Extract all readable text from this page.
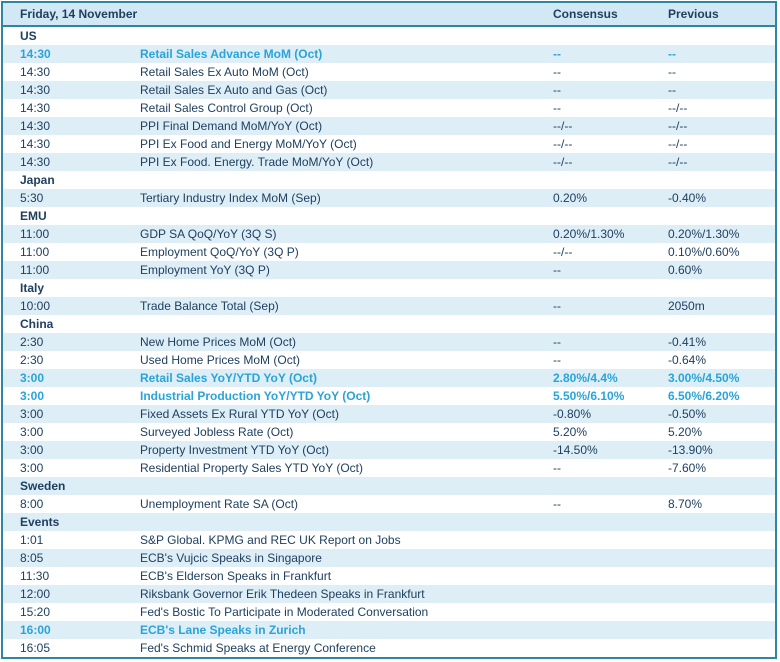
Friday, 14 November	Consensus	Previous
US
14:30	Retail Sales Advance MoM (Oct)	--	--
14:30	Retail Sales Ex Auto MoM (Oct)	--	--
14:30	Retail Sales Ex Auto and Gas (Oct)	--	--
14:30	Retail Sales Control Group (Oct)	--	--/--
14:30	PPI Final Demand MoM/YoY (Oct)	--/--	--/--
14:30	PPI Ex Food and Energy MoM/YoY (Oct)	--/--	--/--
14:30	PPI Ex Food. Energy. Trade MoM/YoY (Oct)	--/--	--/--
Japan
5:30	Tertiary Industry Index MoM (Sep)	0.20%	-0.40%
EMU
11:00	GDP SA QoQ/YoY (3Q S)	0.20%/1.30%	0.20%/1.30%
11:00	Employment QoQ/YoY (3Q P)	--/--	0.10%/0.60%
11:00	Employment YoY (3Q P)	--	0.60%
Italy
10:00	Trade Balance Total (Sep)	--	2050m
China
2:30	New Home Prices MoM (Oct)	--	-0.41%
2:30	Used Home Prices MoM (Oct)	--	-0.64%
3:00	Retail Sales YoY/YTD YoY (Oct)	2.80%/4.4%	3.00%/4.50%
3:00	Industrial Production YoY/YTD YoY (Oct)	5.50%/6.10%	6.50%/6.20%
3:00	Fixed Assets Ex Rural YTD YoY (Oct)	-0.80%	-0.50%
3:00	Surveyed Jobless Rate (Oct)	5.20%	5.20%
3:00	Property Investment YTD YoY (Oct)	-14.50%	-13.90%
3:00	Residential Property Sales YTD YoY (Oct)	--	-7.60%
Sweden
8:00	Unemployment Rate SA (Oct)	--	8.70%
Events
1:01	S&P Global. KPMG and REC UK Report on Jobs
8:05	ECB's Vujcic Speaks in Singapore
11:30	ECB's Elderson Speaks in Frankfurt
12:00	Riksbank Governor Erik Thedeen Speaks in Frankfurt
15:20	Fed's Bostic To Participate in Moderated Conversation
16:00	ECB's Lane Speaks in Zurich
16:05	Fed's Schmid Speaks at Energy Conference
